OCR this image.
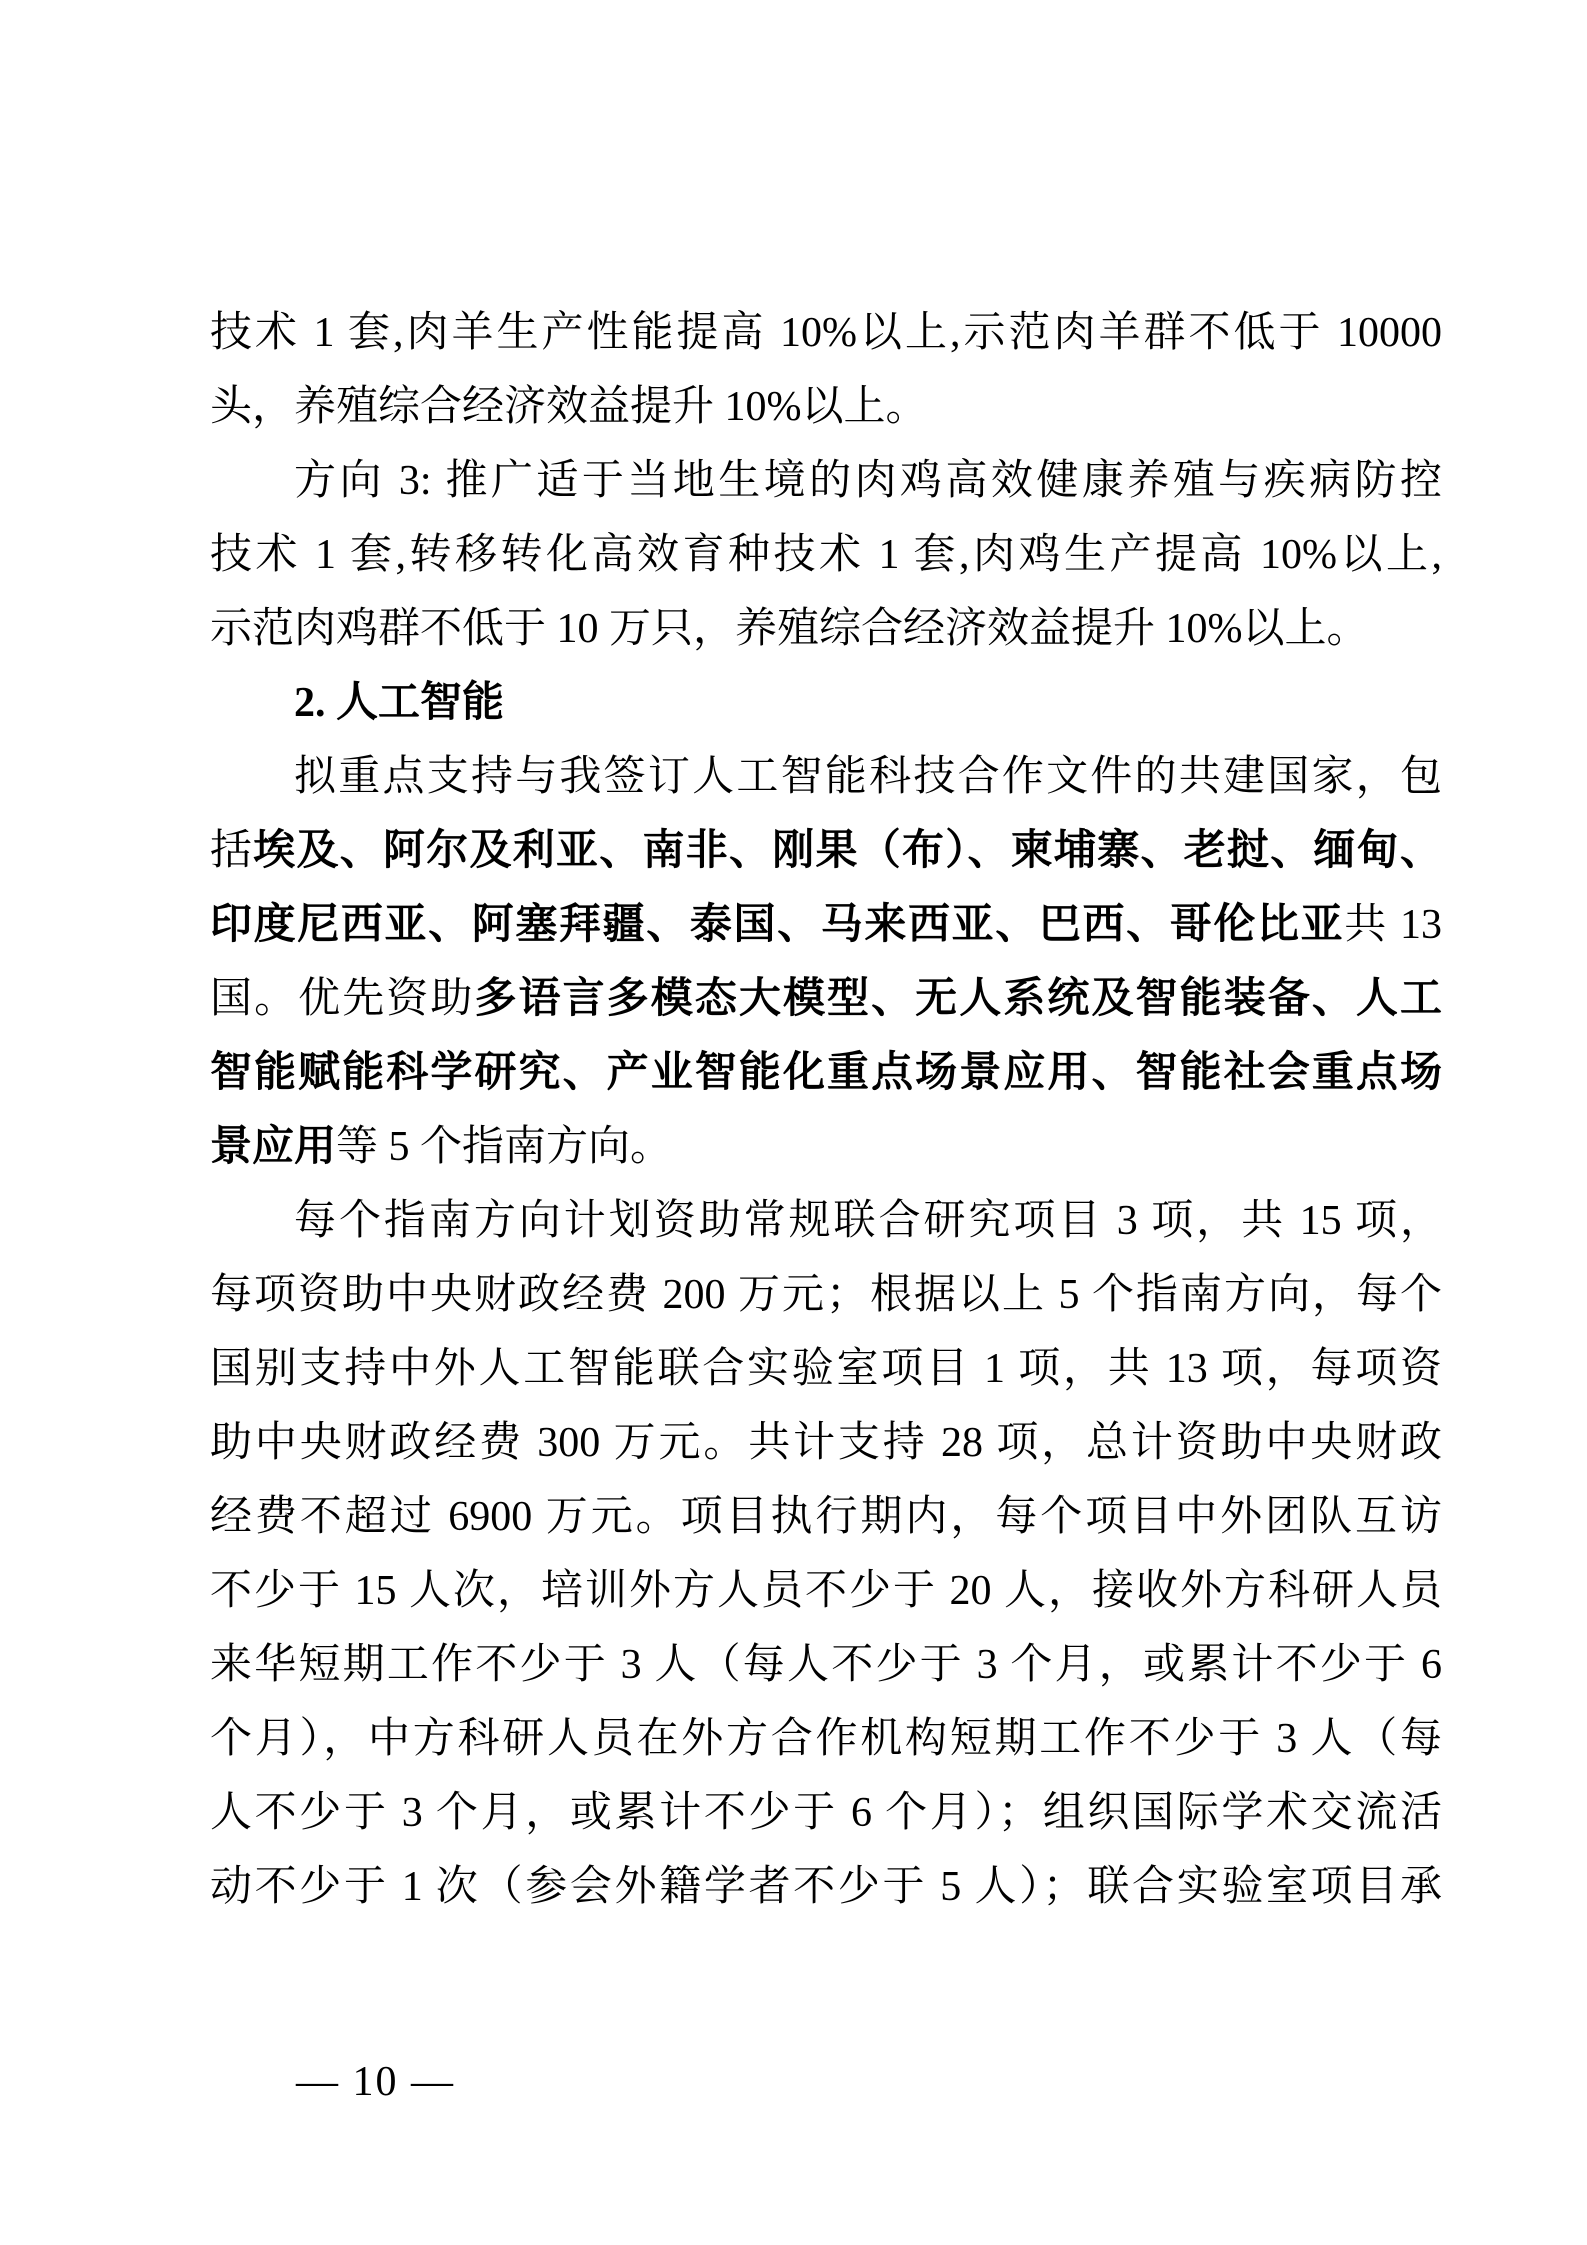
技术 1 套,肉羊生产性能提高 10%以上,示范肉羊群不低于 10000
头，养殖综合经济效益提升 10%以上。
方向 3: 推广适于当地生境的肉鸡高效健康养殖与疾病防控
技术 1 套,转移转化高效育种技术 1 套,肉鸡生产提高 10%以上,
示范肉鸡群不低于 10 万只，养殖综合经济效益提升 10%以上。
2. 人工智能
拟重点支持与我签订人工智能科技合作文件的共建国家，包
括埃及、阿尔及利亚、南非、刚果（布）、柬埔寨、老挝、缅甸、
印度尼西亚、阿塞拜疆、泰国、马来西亚、巴西、哥伦比亚共 13
国。优先资助多语言多模态大模型、无人系统及智能装备、人工
智能赋能科学研究、产业智能化重点场景应用、智能社会重点场
景应用等 5 个指南方向。
每个指南方向计划资助常规联合研究项目 3 项，共 15 项，
每项资助中央财政经费 200 万元；根据以上 5 个指南方向，每个
国别支持中外人工智能联合实验室项目 1 项，共 13 项，每项资
助中央财政经费 300 万元。共计支持 28 项，总计资助中央财政
经费不超过 6900 万元。项目执行期内，每个项目中外团队互访
不少于 15 人次，培训外方人员不少于 20 人，接收外方科研人员
来华短期工作不少于 3 人（每人不少于 3 个月，或累计不少于 6
个月），中方科研人员在外方合作机构短期工作不少于 3 人（每
人不少于 3 个月，或累计不少于 6 个月）；组织国际学术交流活
动不少于 1 次（参会外籍学者不少于 5 人）；联合实验室项目承

— 10 —
